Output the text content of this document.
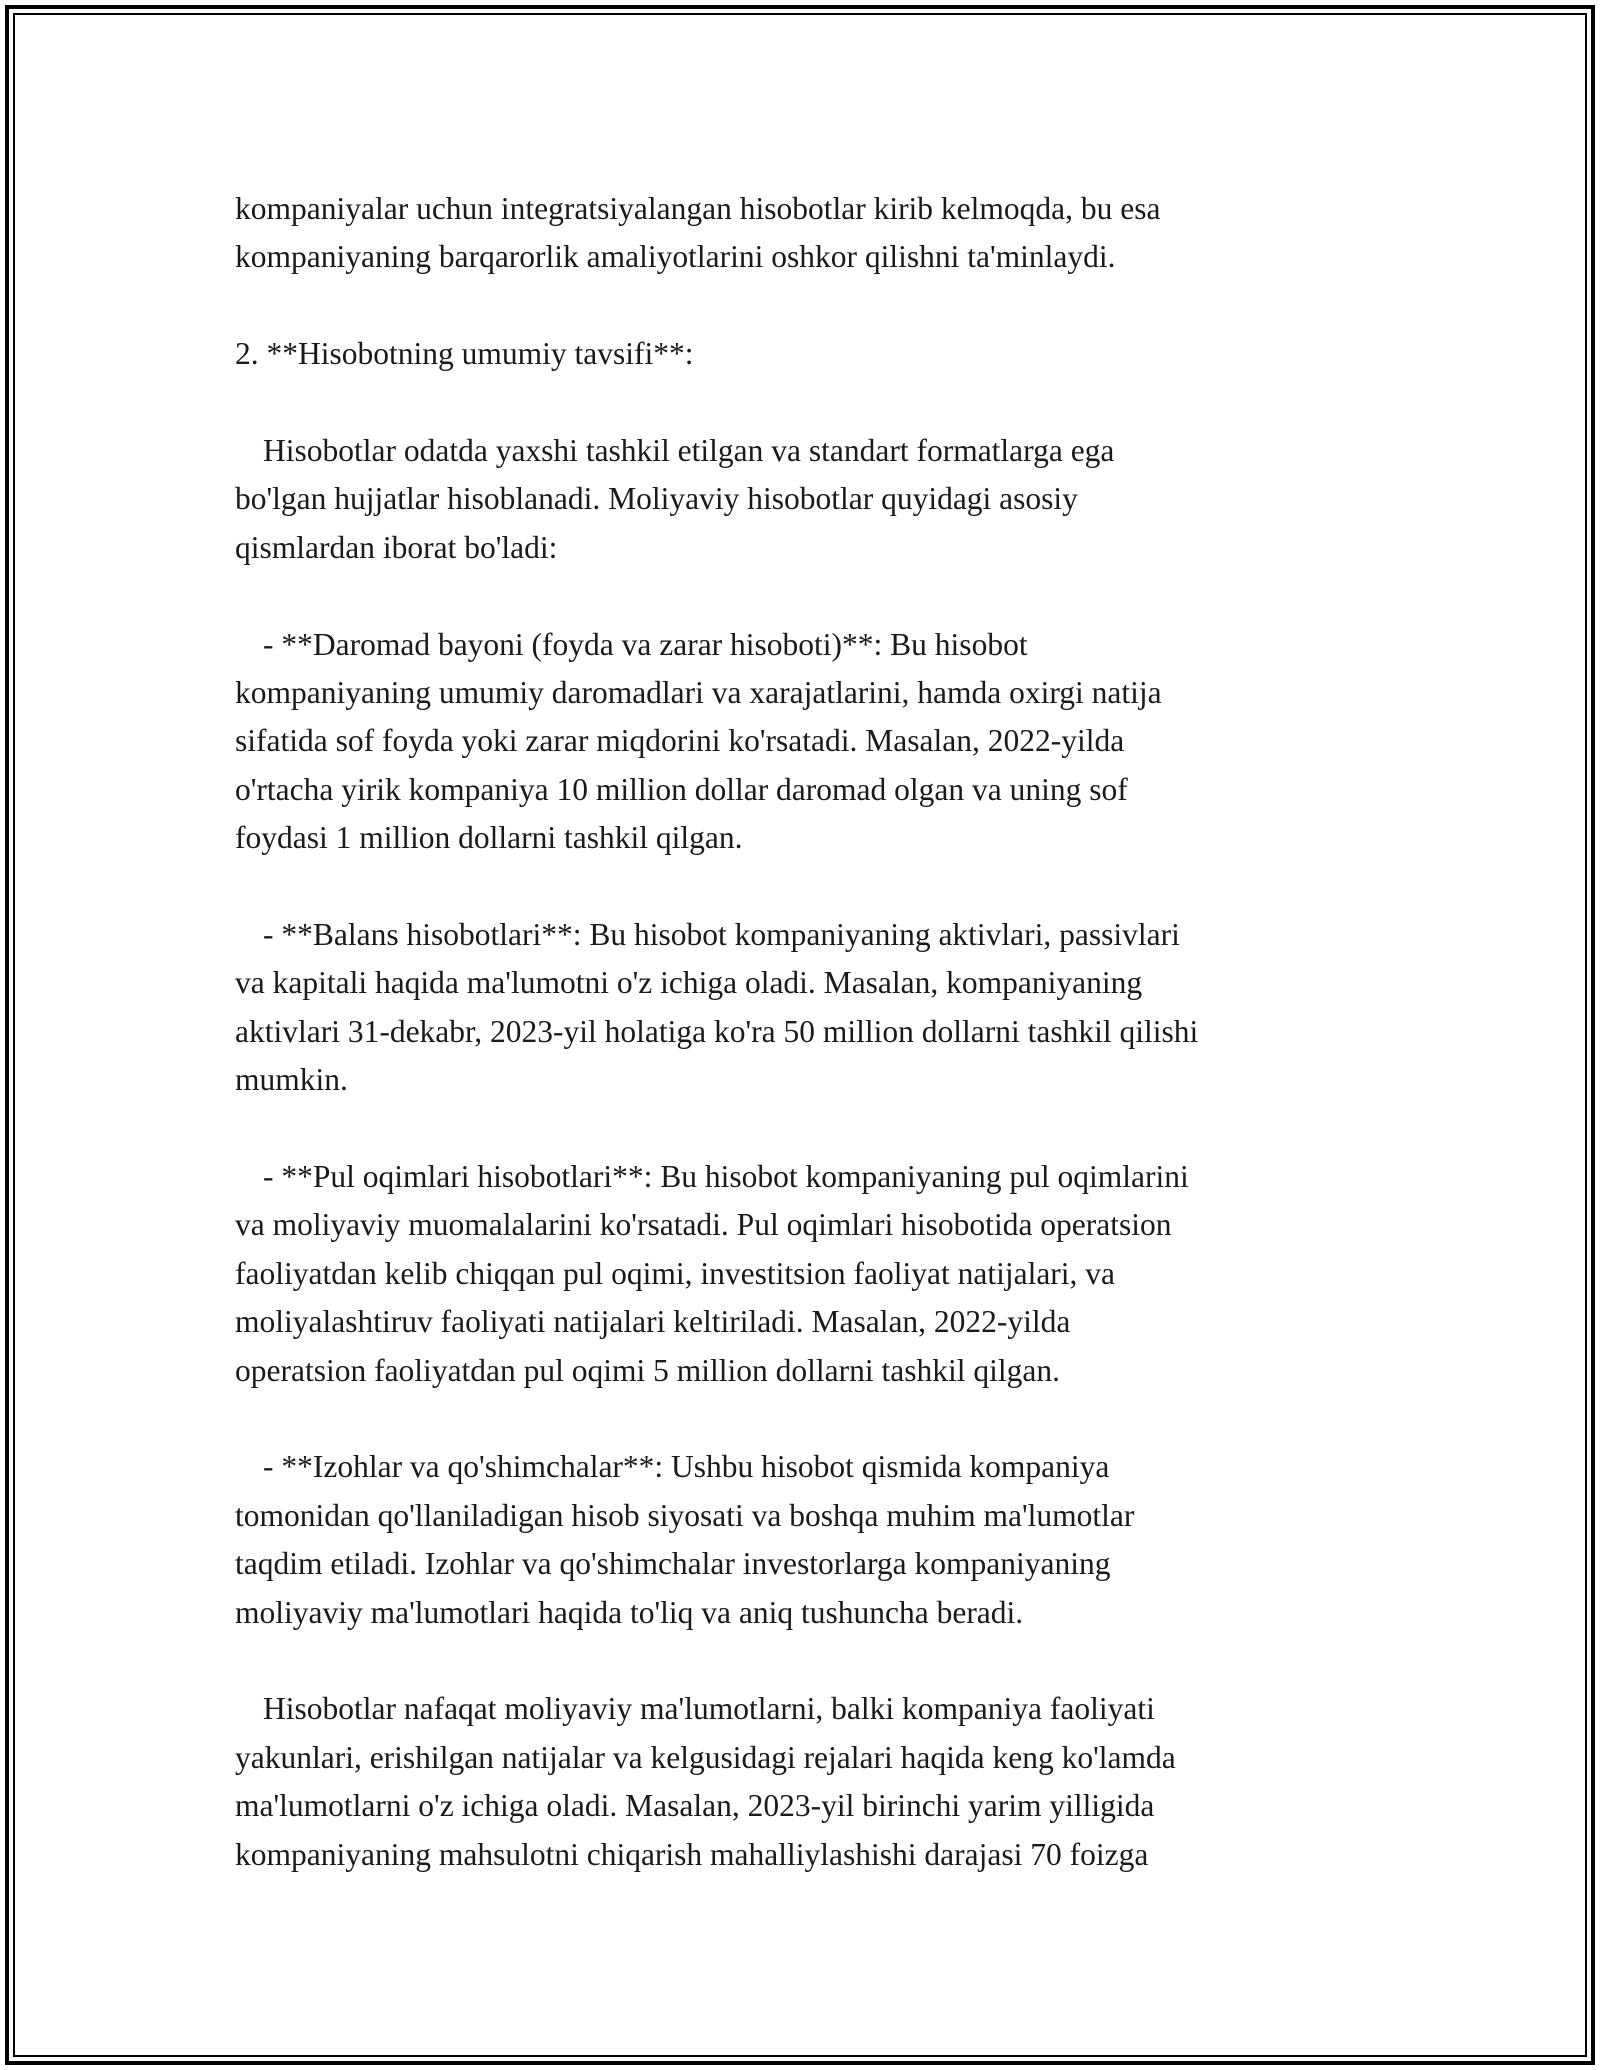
kompaniyalar uchun integratsiyalangan hisobotlar kirib kelmoqda, bu esa
kompaniyaning barqarorlik amaliyotlarini oshkor qilishni ta'minlaydi.

2. **Hisobotning umumiy tavsifi**:

Hisobotlar odatda yaxshi tashkil etilgan va standart formatlarga ega
bo'lgan hujjatlar hisoblanadi. Moliyaviy hisobotlar quyidagi asosiy
qismlardan iborat bo'ladi:

- **Daromad bayoni (foyda va zarar hisoboti)**: Bu hisobot
kompaniyaning umumiy daromadlari va xarajatlarini, hamda oxirgi natija
sifatida sof foyda yoki zarar miqdorini ko'rsatadi. Masalan, 2022-yilda
o'rtacha yirik kompaniya 10 million dollar daromad olgan va uning sof
foydasi 1 million dollarni tashkil qilgan.

- **Balans hisobotlari**: Bu hisobot kompaniyaning aktivlari, passivlari
va kapitali haqida ma'lumotni o'z ichiga oladi. Masalan, kompaniyaning
aktivlari 31-dekabr, 2023-yil holatiga ko'ra 50 million dollarni tashkil qilishi
mumkin.

- **Pul oqimlari hisobotlari**: Bu hisobot kompaniyaning pul oqimlarini
va moliyaviy muomalalarini ko'rsatadi. Pul oqimlari hisobotida operatsion
faoliyatdan kelib chiqqan pul oqimi, investitsion faoliyat natijalari, va
moliyalashtiruv faoliyati natijalari keltiriladi. Masalan, 2022-yilda
operatsion faoliyatdan pul oqimi 5 million dollarni tashkil qilgan.

- **Izohlar va qo'shimchalar**: Ushbu hisobot qismida kompaniya
tomonidan qo'llaniladigan hisob siyosati va boshqa muhim ma'lumotlar
taqdim etiladi. Izohlar va qo'shimchalar investorlarga kompaniyaning
moliyaviy ma'lumotlari haqida to'liq va aniq tushuncha beradi.

Hisobotlar nafaqat moliyaviy ma'lumotlarni, balki kompaniya faoliyati
yakunlari, erishilgan natijalar va kelgusidagi rejalari haqida keng ko'lamda
ma'lumotlarni o'z ichiga oladi. Masalan, 2023-yil birinchi yarim yilligida
kompaniyaning mahsulotni chiqarish mahalliylashishi darajasi 70 foizga
